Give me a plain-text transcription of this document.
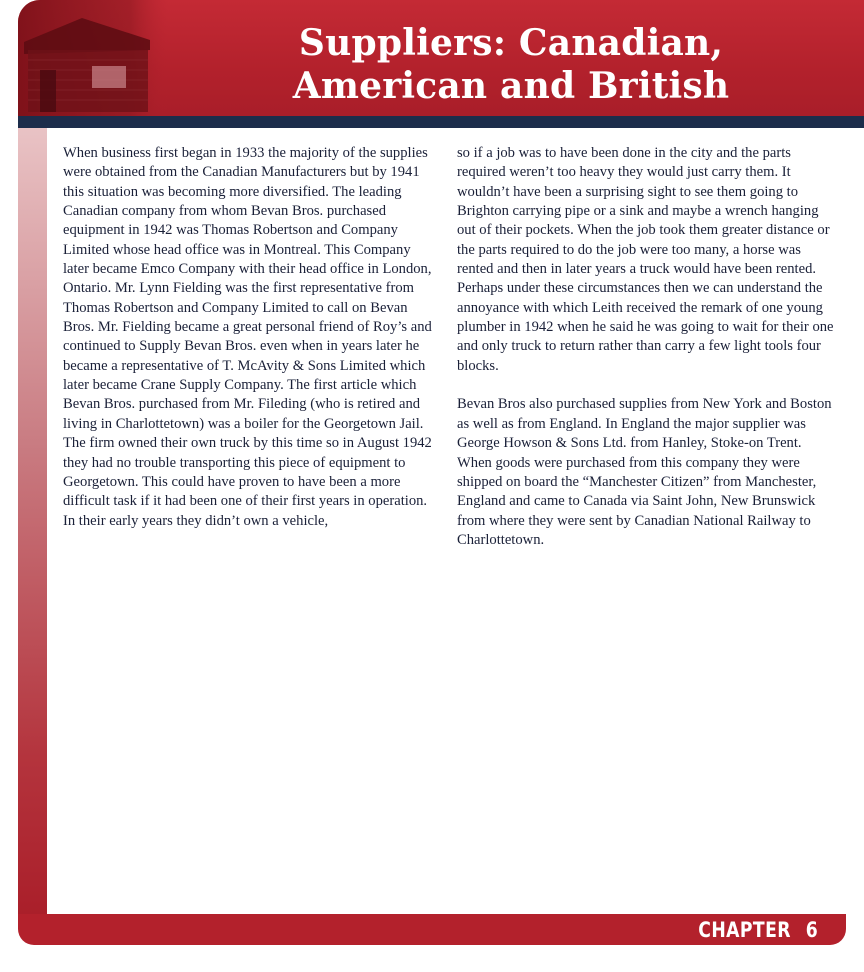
Suppliers: Canadian,
American and British

When business first began in 1933 the majority of the supplies were obtained from the Canadian Manufacturers but by 1941 this situation was becoming more diversified. The leading Canadian company from whom Bevan Bros. purchased equipment in 1942 was Thomas Robertson and Company Limited whose head office was in Montreal. This Company later became Emco Company with their head office in London, Ontario. Mr. Lynn Fielding was the first representative from Thomas Robertson and Company Limited to call on Bevan Bros. Mr. Fielding became a great personal friend of Roy’s and continued to Supply Bevan Bros. even when in years later he became a representative of T. McAvity & Sons Limited which later became Crane Supply Company. The first article which Bevan Bros. purchased from Mr. Fileding (who is retired and living in Charlottetown) was a boiler for the Georgetown Jail. The firm owned their own truck by this time so in August 1942 they had no trouble transporting this piece of equipment to Georgetown. This could have proven to have been a more difficult task if it had been one of their first years in operation. In their early years they didn’t own a vehicle,

so if a job was to have been done in the city and the parts required weren’t too heavy they would just carry them. It wouldn’t have been a surprising sight to see them going to Brighton carrying pipe or a sink and maybe a wrench hanging out of their pockets. When the job took them greater distance or the parts required to do the job were too many, a horse was rented and then in later years a truck would have been rented. Perhaps under these circumstances then we can understand the annoyance with which Leith received the remark of one young plumber in 1942 when he said he was going to wait for their one and only truck to return rather than carry a few light tools four blocks.

Bevan Bros also purchased supplies from New York and Boston as well as from England. In England the major supplier was George Howson & Sons Ltd. from Hanley, Stoke-on Trent. When goods were purchased from this company they were shipped on board the “Manchester Citizen” from Manchester, England and came to Canada via Saint John, New Brunswick from where they were sent by Canadian National Railway to Charlottetown.

CHAPTER 6
